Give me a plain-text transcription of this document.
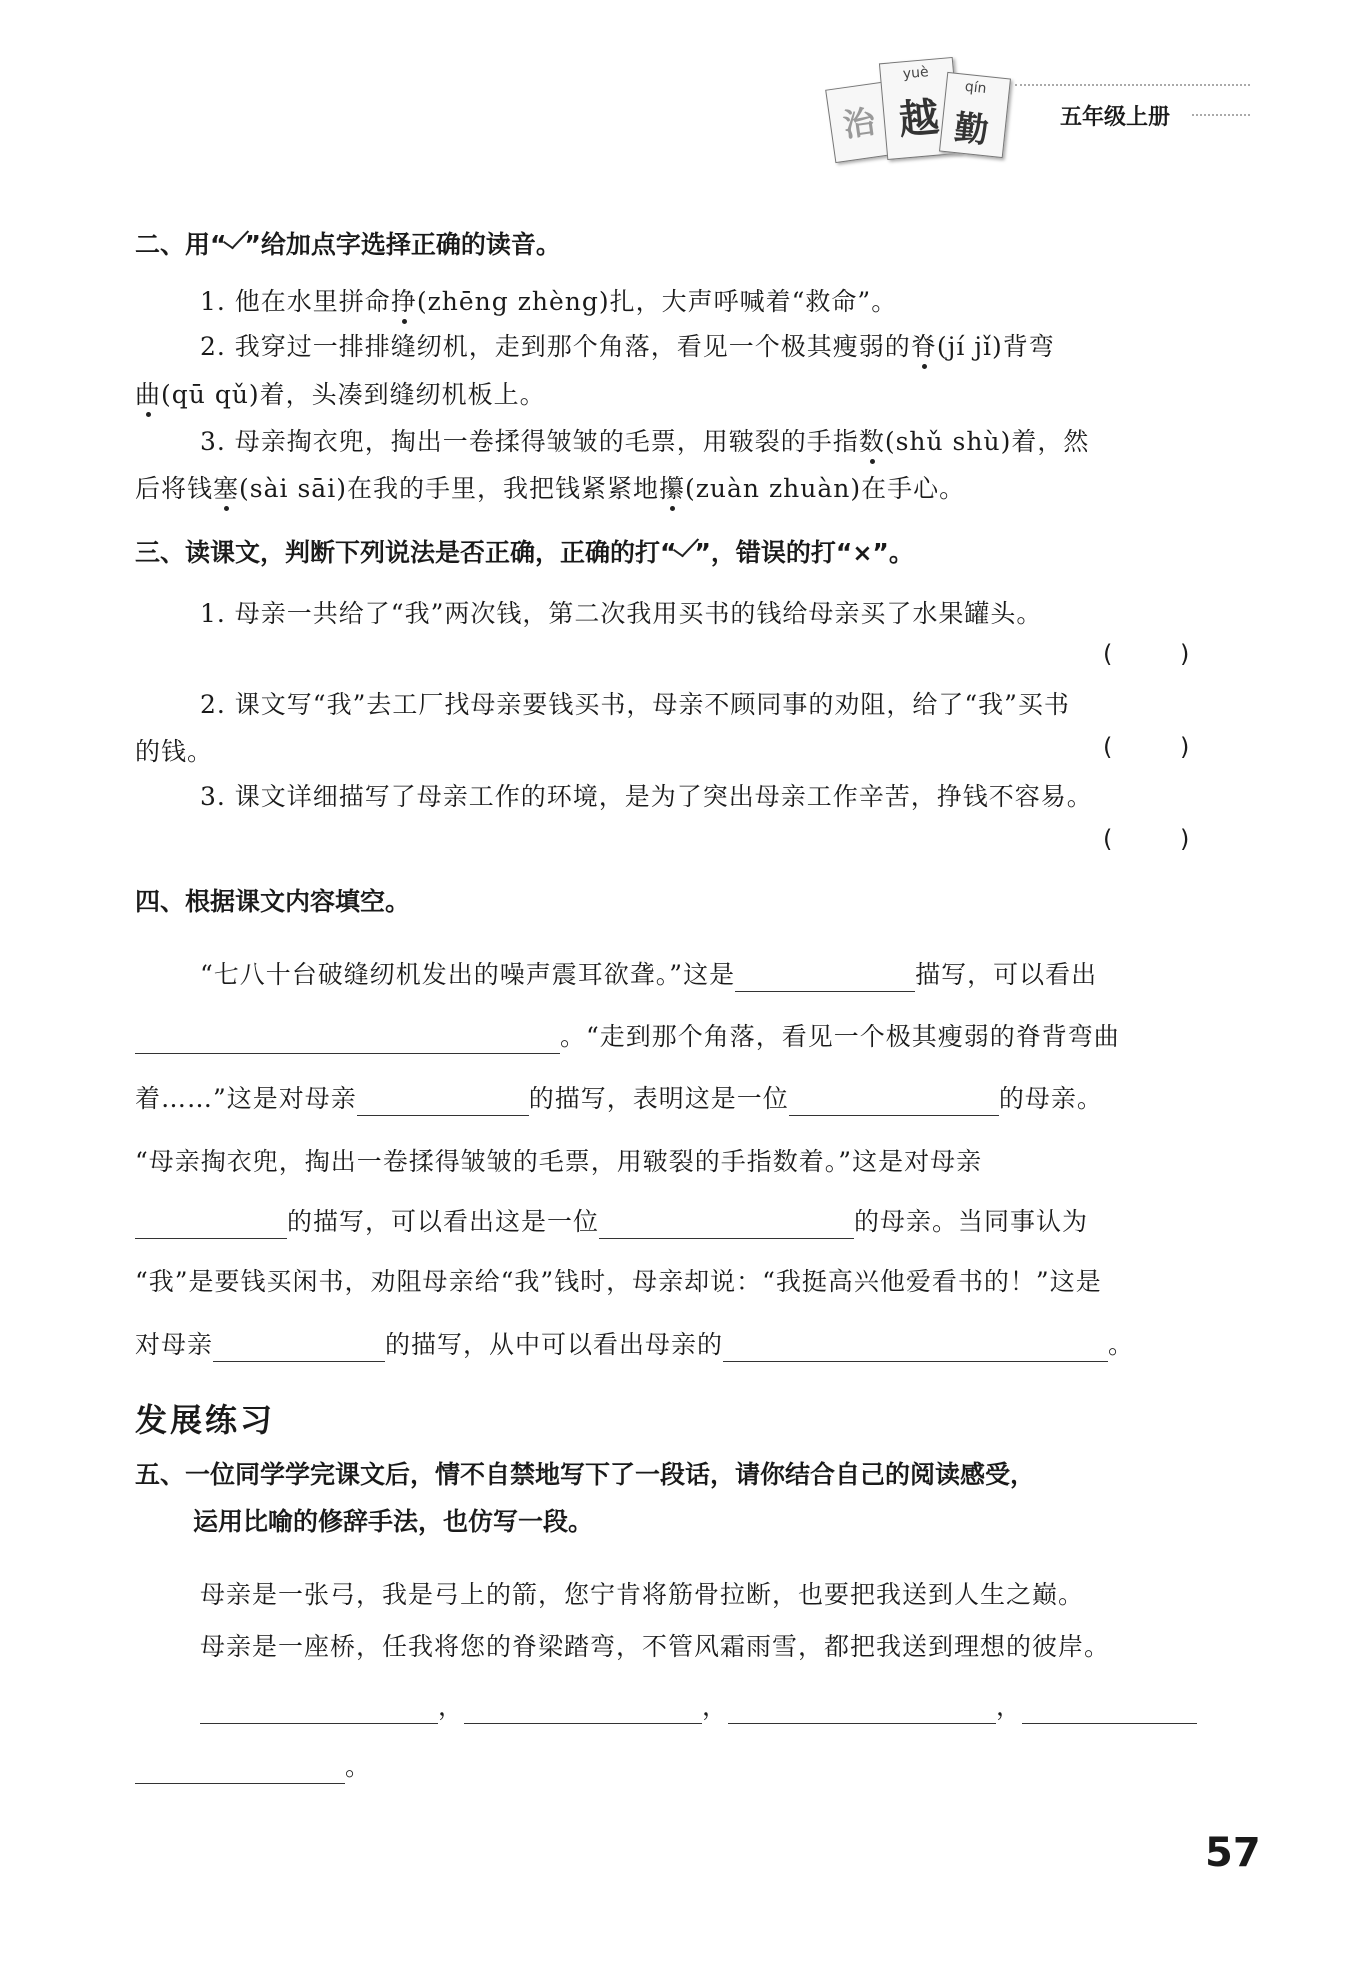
治
yuè
越
qín
勤	五年级上册
二、用“ ”给加点字选择正确的读音。
1. 他在水里拼命挣(zhēng zhèng)扎，大声呼喊着“救命”。
2. 我穿过一排排缝纫机，走到那个角落，看见一个极其瘦弱的脊(jí jǐ)背弯
曲(qū qǔ)着，头凑到缝纫机板上。
3. 母亲掏衣兜，掏出一卷揉得皱皱的毛票，用皲裂的手指数(shǔ shù)着，然
后将钱塞(sài sāi)在我的手里，我把钱紧紧地攥(zuàn zhuàn)在手心。
三、读课文，判断下列说法是否正确，正确的打“ ”，错误的打“×”。
1. 母亲一共给了“我”两次钱，第二次我用买书的钱给母亲买了水果罐头。
( )
2. 课文写“我”去工厂找母亲要钱买书，母亲不顾同事的劝阻，给了“我”买书
的钱。	( )
3. 课文详细描写了母亲工作的环境，是为了突出母亲工作辛苦，挣钱不容易。
( )
四、根据课文内容填空。
“七八十台破缝纫机发出的噪声震耳欲聋。”这是	描写，可以看出
。“走到那个角落，看见一个极其瘦弱的脊背弯曲
着……”这是对母亲	的描写，表明这是一位	的母亲。
“母亲掏衣兜，掏出一卷揉得皱皱的毛票，用皲裂的手指数着。”这是对母亲
的描写，可以看出这是一位	的母亲。当同事认为
“我”是要钱买闲书，劝阻母亲给“我”钱时，母亲却说：“我挺高兴他爱看书的！”这是
对母亲	的描写，从中可以看出母亲的	。
发展练习
五、一位同学学完课文后，情不自禁地写下了一段话，请你结合自己的阅读感受，
运用比喻的修辞手法，也仿写一段。
母亲是一张弓，我是弓上的箭，您宁肯将筋骨拉断，也要把我送到人生之巅。
母亲是一座桥，任我将您的脊梁踏弯，不管风霜雨雪，都把我送到理想的彼岸。
，	，	，
。
57
